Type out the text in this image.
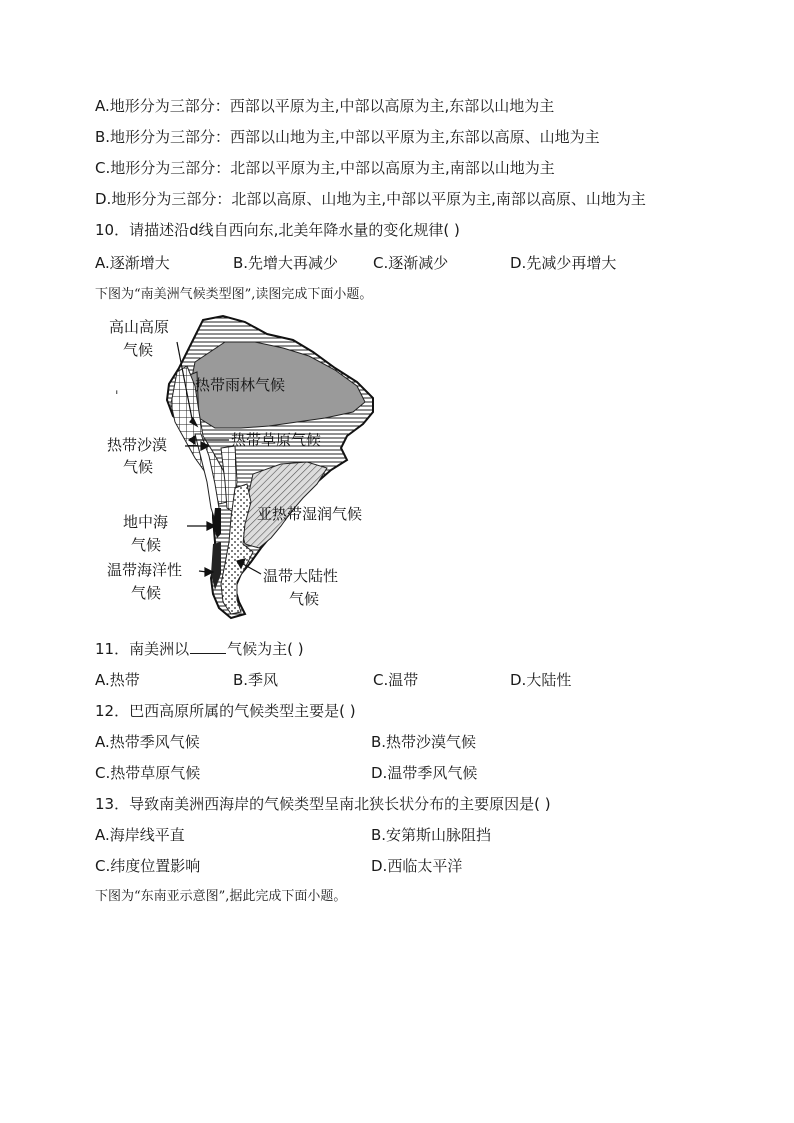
A.地形分为三部分：西部以平原为主,中部以高原为主,东部以山地为主
B.地形分为三部分：西部以山地为主,中部以平原为主,东部以高原、山地为主
C.地形分为三部分：北部以平原为主,中部以高原为主,南部以山地为主
D.地形分为三部分：北部以高原、山地为主,中部以平原为主,南部以高原、山地为主
10．请描述沿d线自西向东,北美年降水量的变化规律( )
A.逐渐增大	B.先增大再减少 C.逐渐减少	D.先减少再增大
下图为“南美洲气候类型图”,读图完成下面小题。
ˌ
高山高原
气候
热带雨林气候
热带草原气候
热带沙漠
气候
亚热带湿润气候
地中海
气候
温带海洋性
气候
温带大陆性
气候
11．南美洲以	气候为主( )
A.热带	B.季风	C.温带	D.大陆性
12．巴西高原所属的气候类型主要是( )
A.热带季风气候	B.热带沙漠气候
C.热带草原气候	D.温带季风气候
13．导致南美洲西海岸的气候类型呈南北狭长状分布的主要原因是( )
A.海岸线平直	B.安第斯山脉阻挡
C.纬度位置影响	D.西临太平洋
下图为“东南亚示意图”,据此完成下面小题。
